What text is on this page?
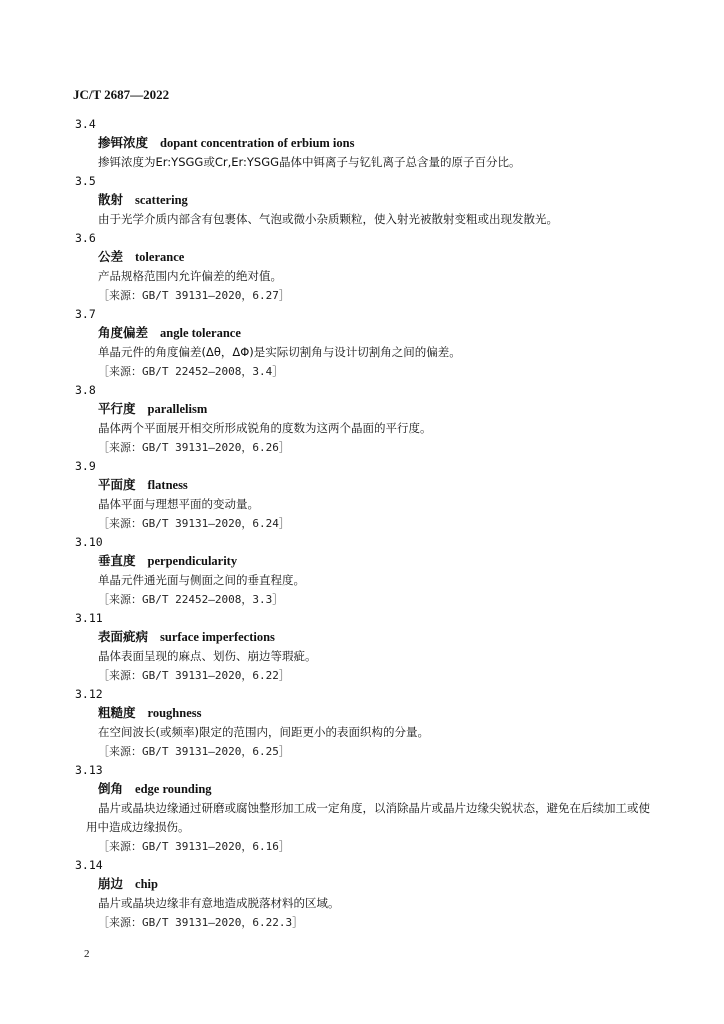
JC/T 2687—2022
3.4
掺铒浓度 dopant concentration of erbium ions
掺铒浓度为Er:YSGG或Cr,Er:YSGG晶体中铒离子与钇钆离子总含量的原子百分比。
3.5
散射 scattering
由于光学介质内部含有包裹体、气泡或微小杂质颗粒，使入射光被散射变粗或出现发散光。
3.6
公差 tolerance
产品规格范围内允许偏差的绝对值。
［来源：GB/T 39131—2020，6.27］
3.7
角度偏差 angle tolerance
单晶元件的角度偏差(Δθ，ΔΦ)是实际切割角与设计切割角之间的偏差。
［来源：GB/T 22452—2008，3.4］
3.8
平行度 parallelism
晶体两个平面展开相交所形成锐角的度数为这两个晶面的平行度。
［来源：GB/T 39131—2020，6.26］
3.9
平面度 flatness
晶体平面与理想平面的变动量。
［来源：GB/T 39131—2020，6.24］
3.10
垂直度 perpendicularity
单晶元件通光面与侧面之间的垂直程度。
［来源：GB/T 22452—2008，3.3］
3.11
表面疵病 surface imperfections
晶体表面呈现的麻点、划伤、崩边等瑕疵。
［来源：GB/T 39131—2020，6.22］
3.12
粗糙度 roughness
在空间波长(或频率)限定的范围内，间距更小的表面织构的分量。
［来源：GB/T 39131—2020，6.25］
3.13
倒角 edge rounding
晶片或晶块边缘通过研磨或腐蚀整形加工成一定角度，以消除晶片或晶片边缘尖锐状态，避免在后续加工或使用中造成边缘损伤。
［来源：GB/T 39131—2020，6.16］
3.14
崩边 chip
晶片或晶块边缘非有意地造成脱落材料的区域。
［来源：GB/T 39131—2020，6.22.3］
2
